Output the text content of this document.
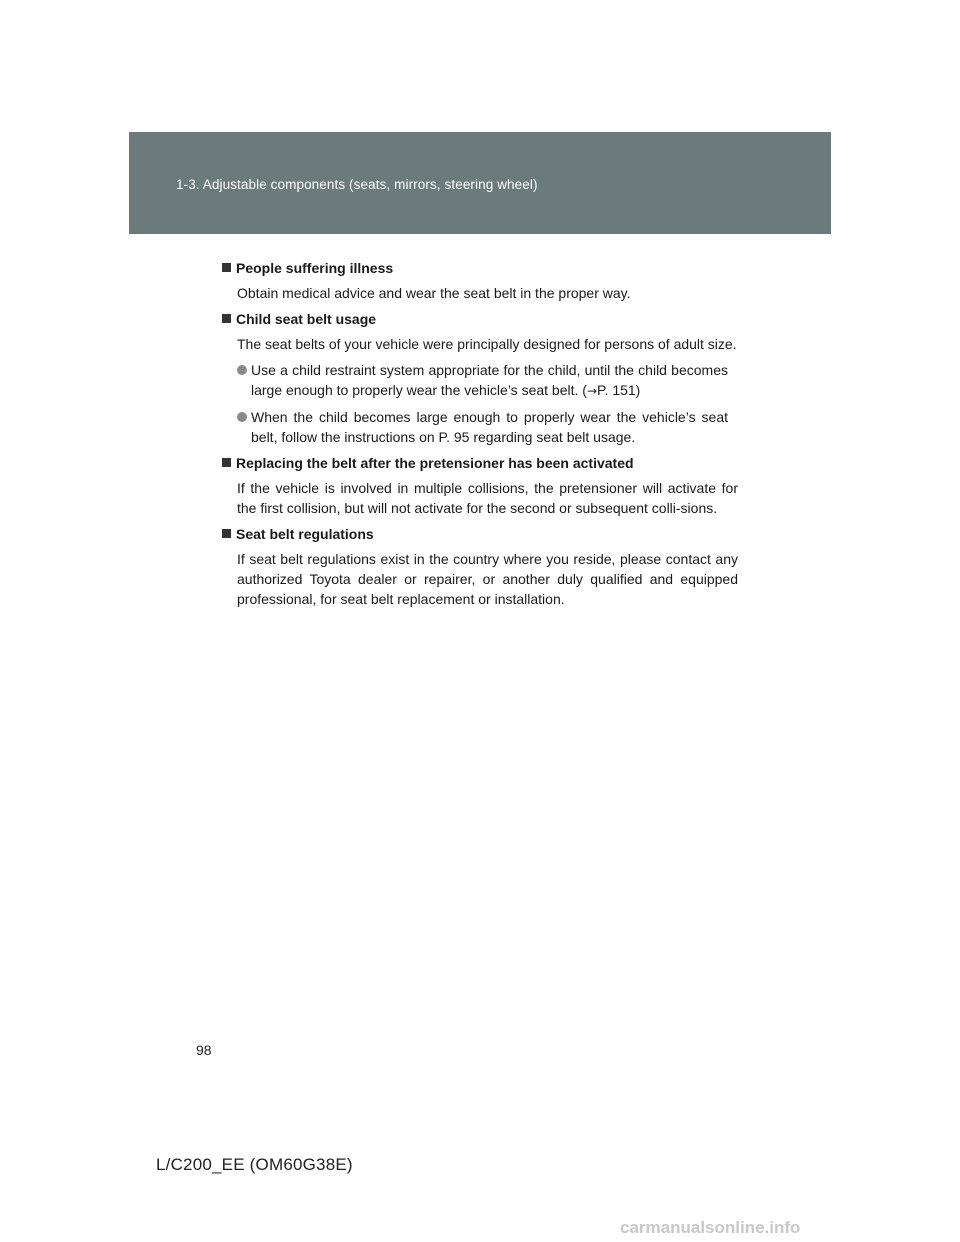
1-3. Adjustable components (seats, mirrors, steering wheel)
People suffering illness
Obtain medical advice and wear the seat belt in the proper way.
Child seat belt usage
The seat belts of your vehicle were principally designed for persons of adult size.
Use a child restraint system appropriate for the child, until the child becomes large enough to properly wear the vehicle’s seat belt. (→P. 151)
When the child becomes large enough to properly wear the vehicle’s seat belt, follow the instructions on P. 95 regarding seat belt usage.
Replacing the belt after the pretensioner has been activated
If the vehicle is involved in multiple collisions, the pretensioner will activate for the first collision, but will not activate for the second or subsequent colli-sions.
Seat belt regulations
If seat belt regulations exist in the country where you reside, please contact any authorized Toyota dealer or repairer, or another duly qualified and equipped professional, for seat belt replacement or installation.
98
L/C200_EE (OM60G38E)
carmanualsonline.info
